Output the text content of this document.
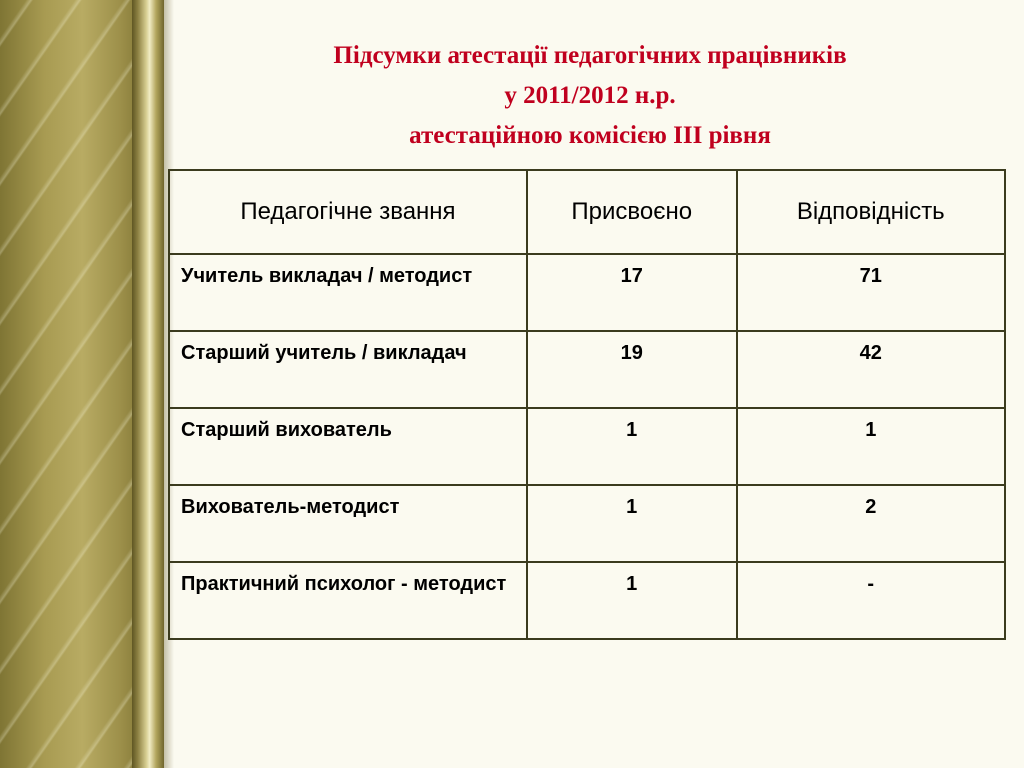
Підсумки атестації педагогічних працівників
у 2011/2012 н.р.
атестаційною комісією ІІІ рівня
Педагогічне звання	Присвоєно	Відповідність
Учитель викладач / методист	17	71
Старший учитель / викладач	19	42
Старший вихователь	1	1
Вихователь-методист	1	2
Практичний психолог - методист	1	-
